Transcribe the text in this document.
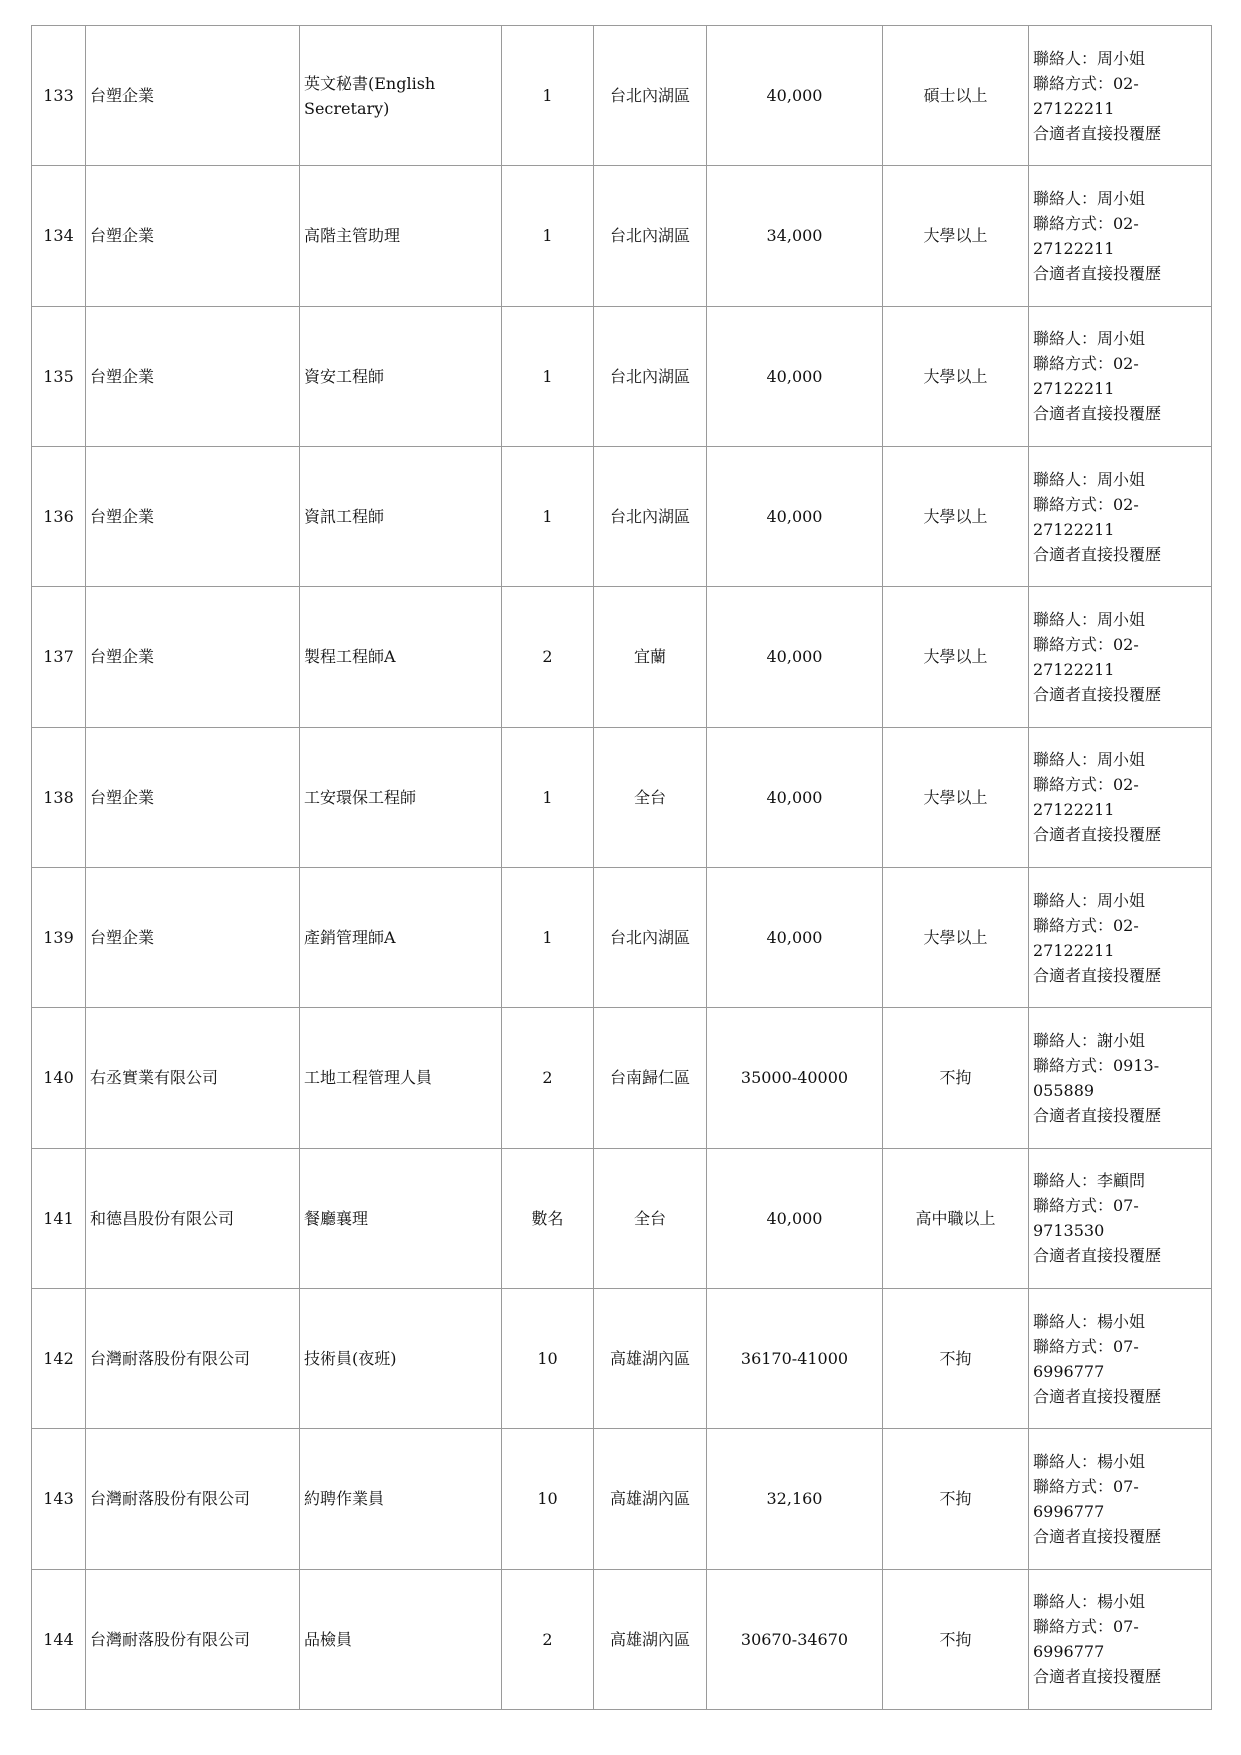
133	台塑企業	英文秘書(English Secretary)	1	台北內湖區	40,000	碩士以上	聯絡人：周小姐
聯絡方式：02-27122211
合適者直接投覆歷

134	台塑企業	高階主管助理	1	台北內湖區	34,000	大學以上	聯絡人：周小姐
聯絡方式：02-27122211
合適者直接投覆歷

135	台塑企業	資安工程師	1	台北內湖區	40,000	大學以上	聯絡人：周小姐
聯絡方式：02-27122211
合適者直接投覆歷

136	台塑企業	資訊工程師	1	台北內湖區	40,000	大學以上	聯絡人：周小姐
聯絡方式：02-27122211
合適者直接投覆歷

137	台塑企業	製程工程師A	2	宜蘭	40,000	大學以上	聯絡人：周小姐
聯絡方式：02-27122211
合適者直接投覆歷

138	台塑企業	工安環保工程師	1	全台	40,000	大學以上	聯絡人：周小姐
聯絡方式：02-27122211
合適者直接投覆歷

139	台塑企業	產銷管理師A	1	台北內湖區	40,000	大學以上	聯絡人：周小姐
聯絡方式：02-27122211
合適者直接投覆歷

140	右丞實業有限公司	工地工程管理人員	2	台南歸仁區	35000-40000	不拘	聯絡人：謝小姐
聯絡方式：0913-055889
合適者直接投覆歷

141	和德昌股份有限公司	餐廳襄理	數名	全台	40,000	高中職以上	聯絡人：李顧問
聯絡方式：07-9713530
合適者直接投覆歷

142	台灣耐落股份有限公司	技術員(夜班)	10	高雄湖內區	36170-41000	不拘	聯絡人：楊小姐
聯絡方式：07-6996777
合適者直接投覆歷

143	台灣耐落股份有限公司	約聘作業員	10	高雄湖內區	32,160	不拘	聯絡人：楊小姐
聯絡方式：07-6996777
合適者直接投覆歷

144	台灣耐落股份有限公司	品檢員	2	高雄湖內區	30670-34670	不拘	聯絡人：楊小姐
聯絡方式：07-6996777
合適者直接投覆歷
